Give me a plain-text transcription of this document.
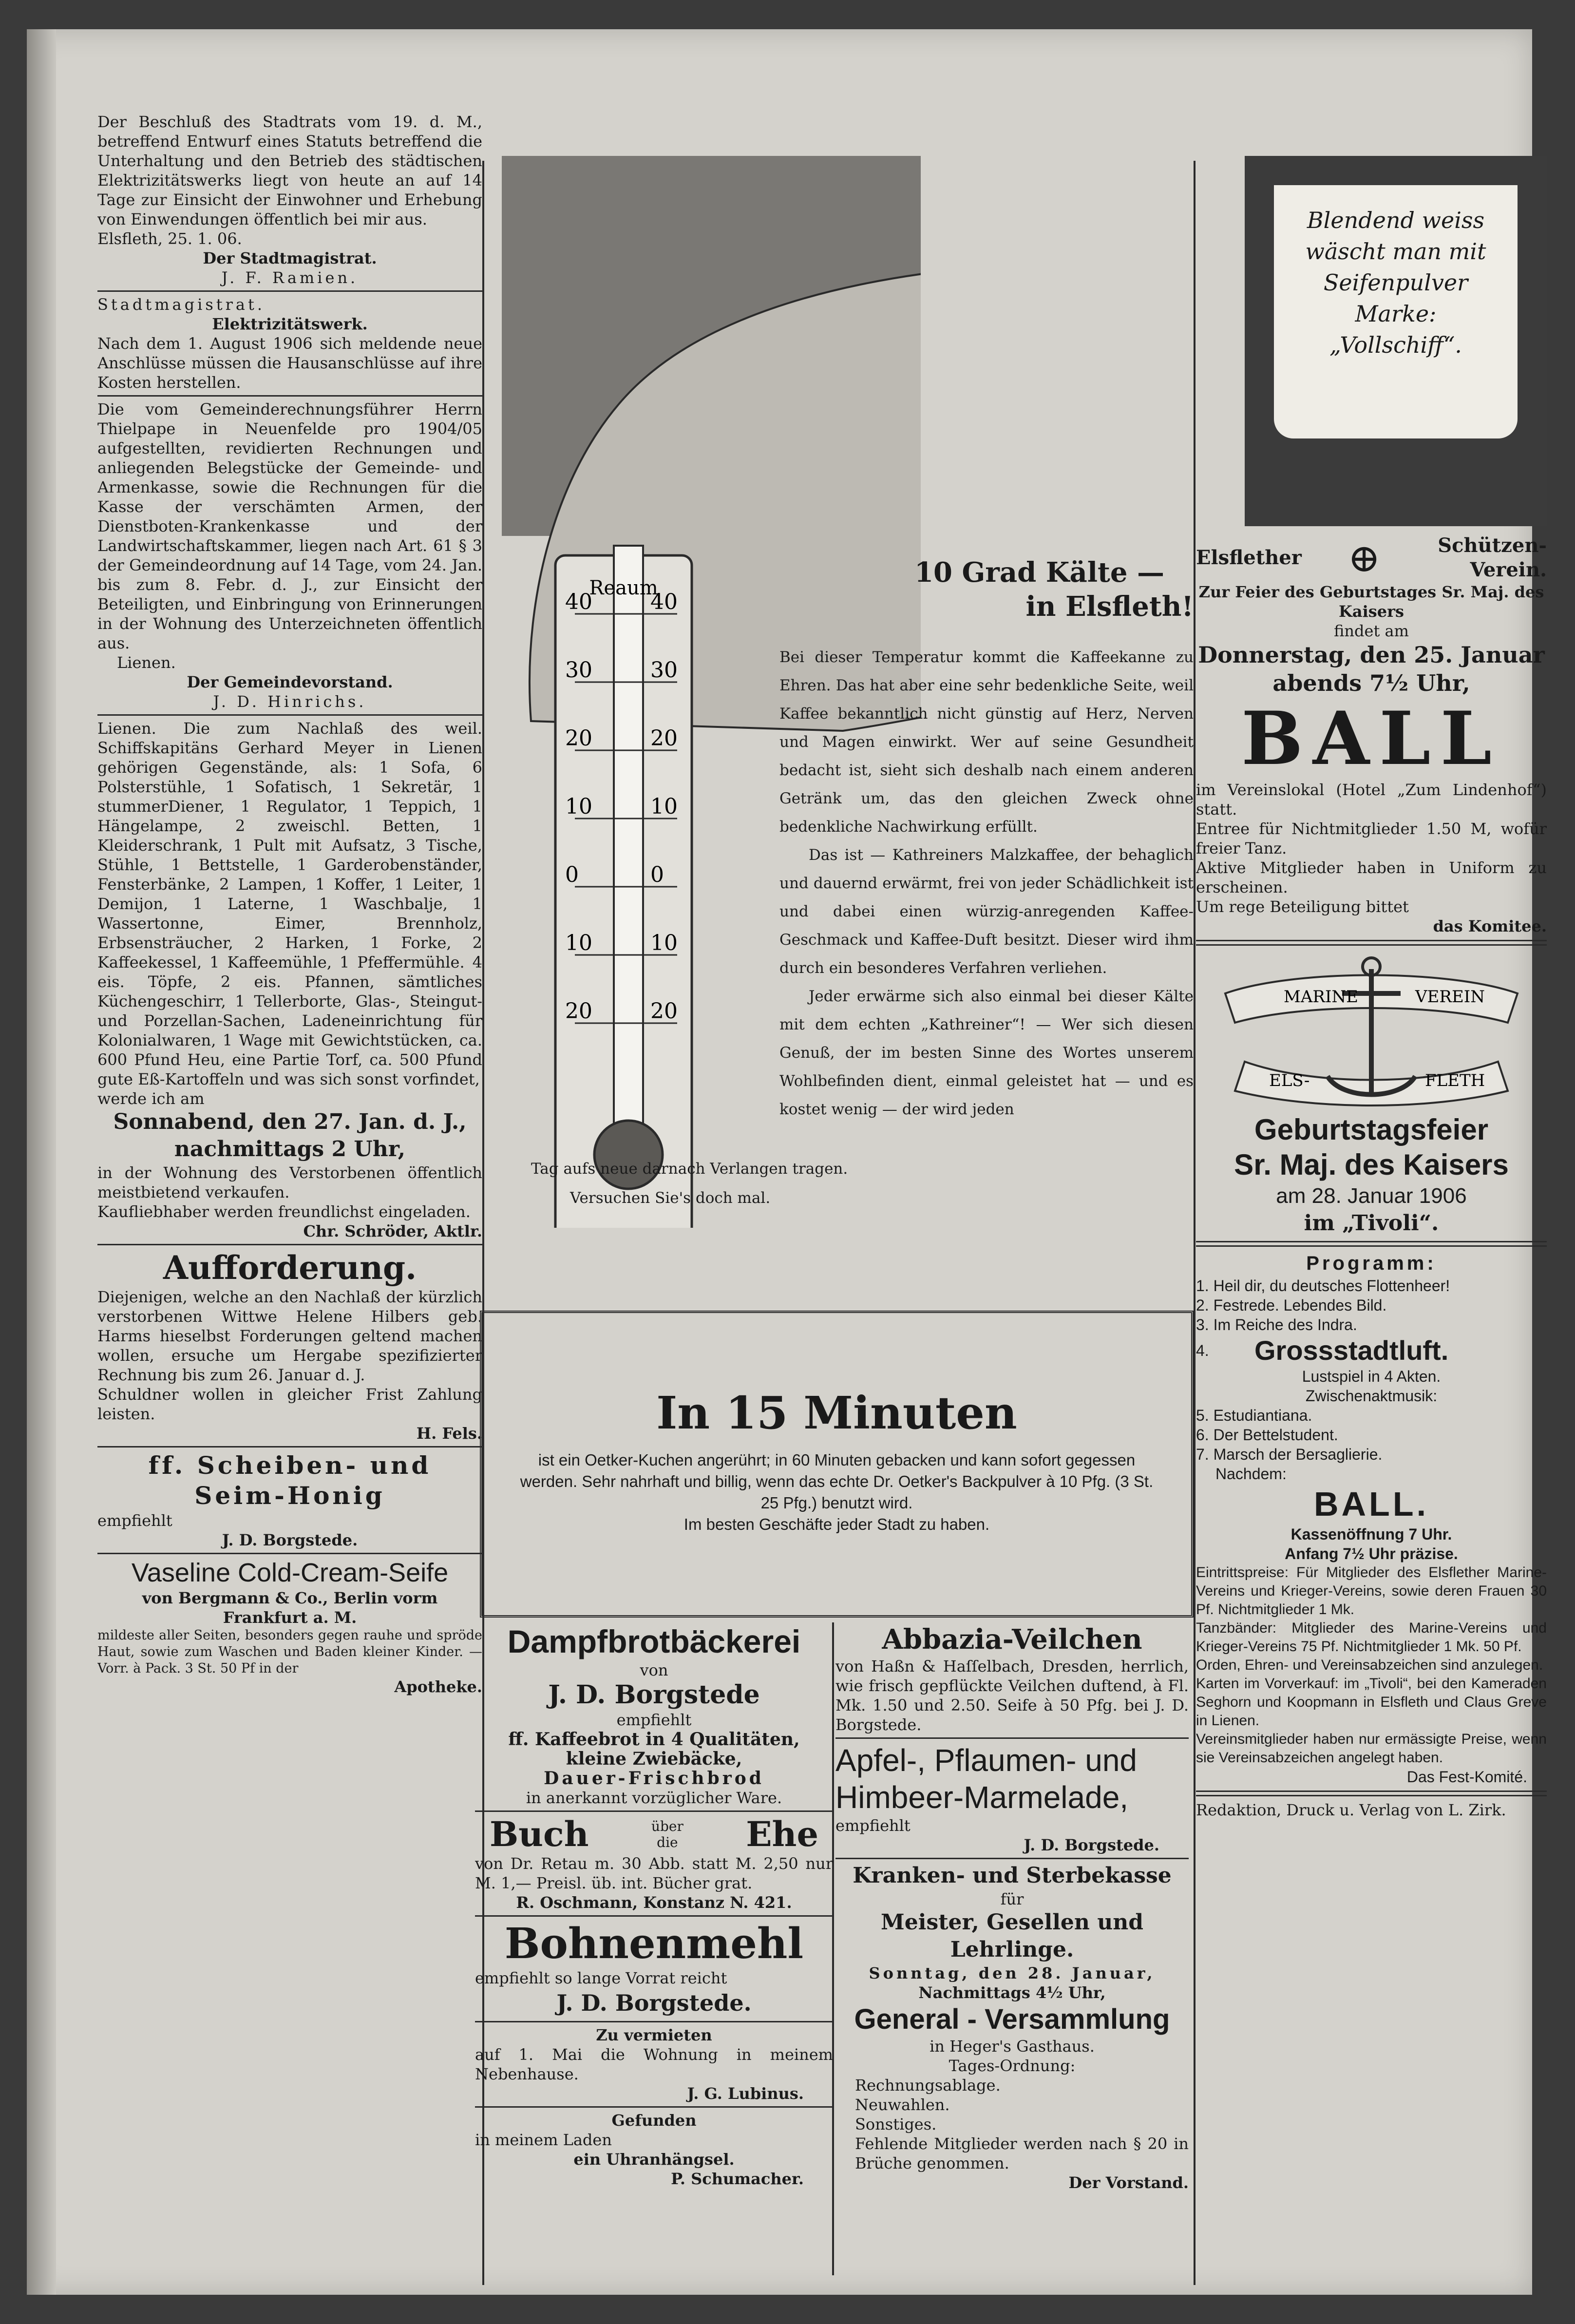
Der Beschluß des Stadtrats vom 19. d. M., betreffend Entwurf eines Statuts betreffend die Unterhaltung und den Betrieb des städtischen Elektrizitätswerks liegt von heute an auf 14 Tage zur Einsicht der Einwohner und Erhebung von Einwendungen öffentlich bei mir aus.

Elsfleth, 25. 1. 06.

Der Stadtmagistrat.

J. F. Ramien.

Stadtmagistrat.

Elektrizitätswerk.

Nach dem 1. August 1906 sich meldende neue Anschlüsse müssen die Hausanschlüsse auf ihre Kosten herstellen.

Die vom Gemeinderechnungsführer Herrn Thielpape in Neuenfelde pro 1904/05 aufgestellten, revidierten Rechnungen und anliegenden Belegstücke der Gemeinde- und Armenkasse, sowie die Rechnungen für die Kasse der verschämten Armen, der Dienstboten-Krankenkasse und der Landwirtschaftskammer, liegen nach Art. 61 § 3 der Gemeindeordnung auf 14 Tage, vom 24. Jan. bis zum 8. Febr. d. J., zur Einsicht der Beteiligten, und Einbringung von Erinnerungen in der Wohnung des Unterzeichneten öffentlich aus.

Lienen.

Der Gemeindevorstand.

J. D. Hinrichs.

Lienen. Die zum Nachlaß des weil. Schiffskapitäns Gerhard Meyer in Lienen gehörigen Gegenstände, als: 1 Sofa, 6 Polsterstühle, 1 Sofatisch, 1 Sekretär, 1 stummerDiener, 1 Regulator, 1 Teppich, 1 Hängelampe, 2 zweischl. Betten, 1 Kleiderschrank, 1 Pult mit Aufsatz, 3 Tische, Stühle, 1 Bettstelle, 1 Garderobenständer, Fensterbänke, 2 Lampen, 1 Koffer, 1 Leiter, 1 Demijon, 1 Laterne, 1 Waschbalje, 1 Wassertonne, Eimer, Brennholz, Erbsensträucher, 2 Harken, 1 Forke, 2 Kaffeekessel, 1 Kaffeemühle, 1 Pfeffermühle. 4 eis. Töpfe, 2 eis. Pfannen, sämtliches Küchengeschirr, 1 Tellerborte, Glas-, Steingut- und Porzellan-Sachen, Ladeneinrichtung für Kolonialwaren, 1 Wage mit Gewichtstücken, ca. 600 Pfund Heu, eine Partie Torf, ca. 500 Pfund gute Eß-Kartoffeln und was sich sonst vorfindet,

werde ich am

Sonnabend, den 27. Jan. d. J.,

nachmittags 2 Uhr,

in der Wohnung des Verstorbenen öffentlich meistbietend verkaufen.

Kaufliebhaber werden freundlichst eingeladen.

Chr. Schröder, Aktlr.

Aufforderung.

Diejenigen, welche an den Nachlaß der kürzlich verstorbenen Wittwe Helene Hilbers geb. Harms hieselbst Forderungen geltend machen wollen, ersuche um Hergabe spezifizierter Rechnung bis zum 26. Januar d. J.

Schuldner wollen in gleicher Frist Zahlung leisten.

H. Fels.

ff. Scheiben- und Seim-Honig

empfiehlt

J. D. Borgstede.

Vaseline Cold-Cream-Seife

von Bergmann & Co., Berlin vorm Frankfurt a. M.

mildeste aller Seiten, besonders gegen rauhe und spröde Haut, sowie zum Waschen und Baden kleiner Kinder. — Vorr. à Pack. 3 St. 50 Pf in der

Apotheke.

Reaum
40
30
20
10
0
10
20
40
30
20
10
0
10
20

10 Grad Kälte —

in Elsfleth!

Bei dieser Temperatur kommt die Kaffeekanne zu Ehren. Das hat aber eine sehr bedenkliche Seite, weil Kaffee bekanntlich nicht günstig auf Herz, Nerven und Magen einwirkt. Wer auf seine Gesundheit bedacht ist, sieht sich deshalb nach einem anderen Getränk um, das den gleichen Zweck ohne bedenkliche Nachwirkung erfüllt.

Das ist — Kathreiners Malzkaffee, der behaglich und dauernd erwärmt, frei von jeder Schädlichkeit ist und dabei einen würzig-anregenden Kaffee-Geschmack und Kaffee-Duft besitzt. Dieser wird ihm durch ein besonderes Verfahren verliehen.

Jeder erwärme sich also einmal bei dieser Kälte mit dem echten „Kathreiner“! — Wer sich diesen Genuß, der im besten Sinne des Wortes unserem Wohlbefinden dient, einmal geleistet hat — und es kostet wenig — der wird jeden

Tag aufs neue darnach Verlangen tragen.

Versuchen Sie's doch mal.

In 15 Minuten

ist ein Oetker-Kuchen angerührt; in 60 Minuten gebacken und kann sofort gegessen werden. Sehr nahrhaft und billig, wenn das echte Dr. Oetker's Backpulver à 10 Pfg. (3 St. 25 Pfg.) benutzt wird.

Im besten Geschäfte jeder Stadt zu haben.

Dampfbrotbäckerei

von

J. D. Borgstede

empfiehlt

ff. Kaffeebrot in 4 Qualitäten, kleine Zwiebäcke,

Dauer-Frischbrod

in anerkannt vorzüglicher Ware.

Buch	über die Ehe

von Dr. Retau m. 30 Abb. statt M. 2,50 nur M. 1,— Preisl. üb. int. Bücher grat.

R. Oschmann, Konstanz N. 421.

Bohnenmehl

empfiehlt so lange Vorrat reicht

J. D. Borgstede.

Zu vermieten

auf 1. Mai die Wohnung in meinem Nebenhause.

J. G. Lubinus.

Gefunden

in meinem Laden

ein Uhranhängsel.

P. Schumacher.

Abbazia-Veilchen

von Haßn & Haſſelbach, Dresden, herrlich, wie frisch gepflückte Veilchen duftend, à Fl. Mk. 1.50 und 2.50. Seife à 50 Pfg. bei J. D. Borgstede.

Apfel-, Pflaumen- und Himbeer-Marmelade,

empfiehlt

J. D. Borgstede.

Kranken- und Sterbekasse

für

Meister, Gesellen und Lehrlinge.

Sonntag, den 28. Januar,

Nachmittags 4½ Uhr,

General - Versammlung

in Heger's Gasthaus.

Tages-Ordnung:

Rechnungsablage.

Neuwahlen.

Sonstiges.

Fehlende Mitglieder werden nach § 20 in Brüche genommen.

Der Vorstand.

Blendend weiss
wäscht man mit
Seifenpulver
Marke:
„Vollschiff“.

Elsflether ⊕	Schützen-Verein.

Zur Feier des Geburtstages Sr. Maj. des Kaisers

findet am

Donnerstag, den 25. Januar

abends 7½ Uhr,

BALL

im Vereinslokal (Hotel „Zum Lindenhof“) statt.

Entree für Nichtmitglieder 1.50 M, wofür freier Tanz.

Aktive Mitglieder haben in Uniform zu erscheinen.

Um rege Beteiligung bittet

das Komitee.

MARINE	VEREIN
ELS-	FLETH

Geburtstagsfeier

Sr. Maj. des Kaisers

am 28. Januar 1906

im „Tivoli“.

Programm:

1. Heil dir, du deutsches Flottenheer!

2. Festrede. Lebendes Bild.

3. Im Reiche des Indra.

4.	Grossstadtluft.

Lustspiel in 4 Akten.

Zwischenaktmusik:

5. Estudiantiana.

6. Der Bettelstudent.

7. Marsch der Bersaglierie.

Nachdem:

BALL.

Kassenöffnung 7 Uhr.

Anfang 7½ Uhr präzise.

Eintrittspreise: Für Mitglieder des Elsflether Marine-Vereins und Krieger-Vereins, sowie deren Frauen 30 Pf. Nichtmitglieder 1 Mk.

Tanzbänder: Mitglieder des Marine-Vereins und Krieger-Vereins 75 Pf. Nichtmitglieder 1 Mk. 50 Pf.

Orden, Ehren- und Vereinsabzeichen sind anzulegen.

Karten im Vorverkauf: im „Tivoli“, bei den Kameraden Seghorn und Koopmann in Elsfleth und Claus Greve in Lienen.

Vereinsmitglieder haben nur ermässigte Preise, wenn sie Vereinsabzeichen angelegt haben.

Das Fest-Komité.

Redaktion, Druck u. Verlag von L. Zirk.
